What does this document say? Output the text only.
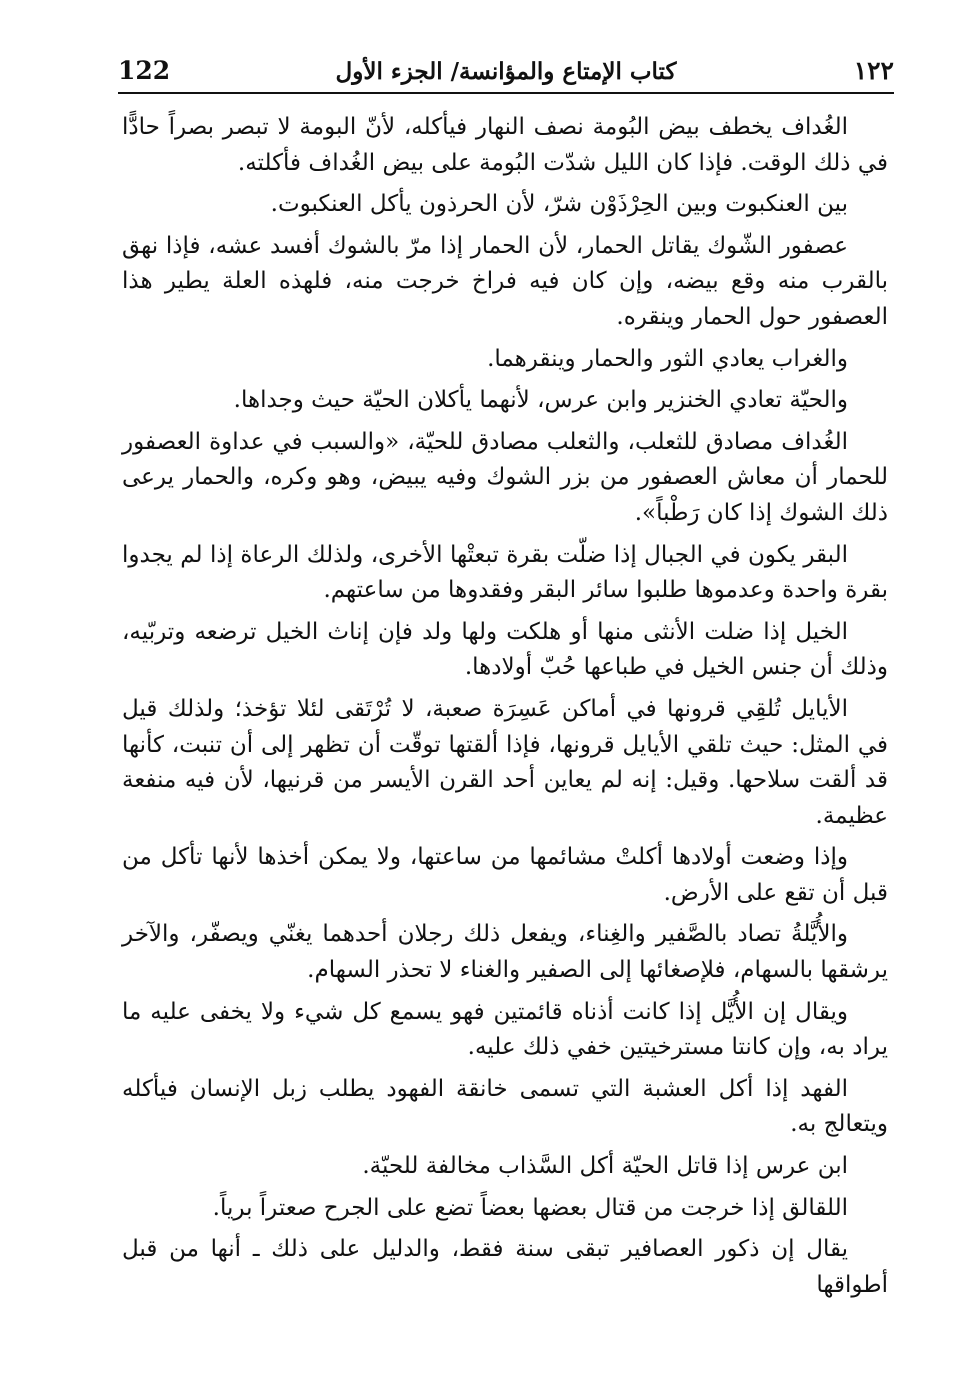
122	كتاب الإمتاع والمؤانسة/ الجزء الأول	١٢٢

الغُداف يخطف بيض البُومة نصف النهار فيأكله، لأنّ البومة لا تبصر بصراً حادًّا في ذلك الوقت. فإذا كان الليل شدّت البُومة على بيض الغُداف فأكلته.

بين العنكبوت وبين الحِرْذَوْن شرّ، لأن الحرذون يأكل العنكبوت.

عصفور الشّوك يقاتل الحمار، لأن الحمار إذا مرّ بالشوك أفسد عشه، فإذا نهق بالقرب منه وقع بيضه، وإن كان فيه فراخ خرجت منه، فلهذه العلة يطير هذا العصفور حول الحمار وينقره.

والغراب يعادي الثور والحمار وينقرهما.

والحيّة تعادي الخنزير وابن عرس، لأنهما يأكلان الحيّة حيث وجداها.

الغُداف مصادق للثعلب، والثعلب مصادق للحيّة، «والسبب في عداوة العصفور للحمار أن معاش العصفور من بزر الشوك وفيه يبيض، وهو وكره، والحمار يرعى ذلك الشوك إذا كان رَطْباً».

البقر يكون في الجبال إذا ضلّت بقرة تبعتْها الأخرى، ولذلك الرعاة إذا لم يجدوا بقرة واحدة وعدموها طلبوا سائر البقر وفقدوها من ساعتهم.

الخيل إذا ضلت الأنثى منها أو هلكت ولها ولد فإن إناث الخيل ترضعه وتربّيه، وذلك أن جنس الخيل في طباعها حُبّ أولادها.

الأيايل تُلقِي قرونها في أماكن عَسِرَة صعبة، لا تُرْتَقى لئلا تؤخذ؛ ولذلك قيل في المثل: حيث تلقي الأيايل قرونها، فإذا ألقتها توقّت أن تظهر إلى أن تنبت، كأنها قد ألقت سلاحها. وقيل: إنه لم يعاين أحد القرن الأيسر من قرنيها، لأن فيه منفعة عظيمة.

وإذا وضعت أولادها أكلتْ مشائمها من ساعتها، ولا يمكن أخذها لأنها تأكل من قبل أن تقع على الأرض.

والأُيَّلةُ تصاد بالصَّفير والغِناء، ويفعل ذلك رجلان أحدهما يغنّي ويصفّر، والآخر يرشقها بالسهام، فلإصغائها إلى الصفير والغناء لا تحذر السهام.

ويقال إن الأُيَّل إذا كانت أذناه قائمتين فهو يسمع كل شيء ولا يخفى عليه ما يراد به، وإن كانتا مسترخيتين خفي ذلك عليه.

الفهد إذا أكل العشبة التي تسمى خانقة الفهود يطلب زبل الإنسان فيأكله ويتعالج به.

ابن عرس إذا قاتل الحيّة أكل السَّذاب مخالفة للحيّة.

اللقالق إذا خرجت من قتال بعضها بعضاً تضع على الجرح صعتراً برياً.

يقال إن ذكور العصافير تبقى سنة فقط، والدليل على ذلك ـ أنها من قبل أطواقها
